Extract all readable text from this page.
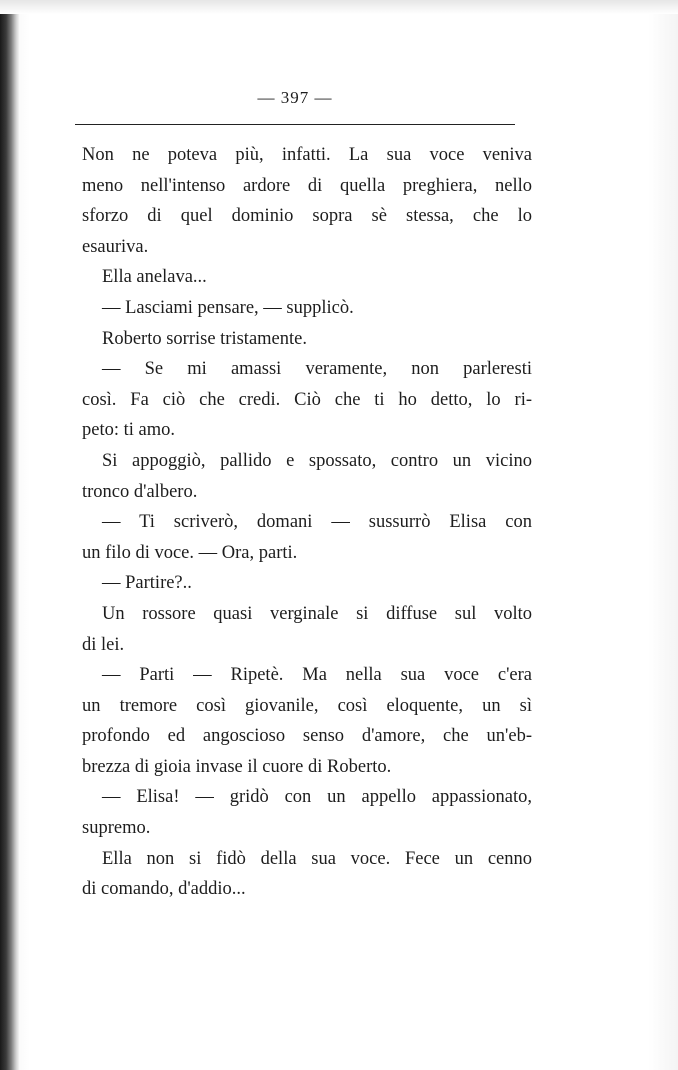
— 397 —
Non ne poteva più, infatti. La sua voce veniva
meno nell'intenso ardore di quella preghiera, nello
sforzo di quel dominio sopra sè stessa, che lo
esauriva.
Ella anelava...
— Lasciami pensare, — supplicò.
Roberto sorrise tristamente.
— Se mi amassi veramente, non parleresti
così. Fa ciò che credi. Ciò che ti ho detto, lo ri-
peto: ti amo.
Si appoggiò, pallido e spossato, contro un vicino
tronco d'albero.
— Ti scriverò, domani — sussurrò Elisa con
un filo di voce. — Ora, parti.
— Partire?..
Un rossore quasi verginale si diffuse sul volto
di lei.
— Parti — Ripetè. Ma nella sua voce c'era
un tremore così giovanile, così eloquente, un sì
profondo ed angoscioso senso d'amore, che un'eb-
brezza di gioia invase il cuore di Roberto.
— Elisa! — gridò con un appello appassionato,
supremo.
Ella non si fidò della sua voce. Fece un cenno
di comando, d'addio...
